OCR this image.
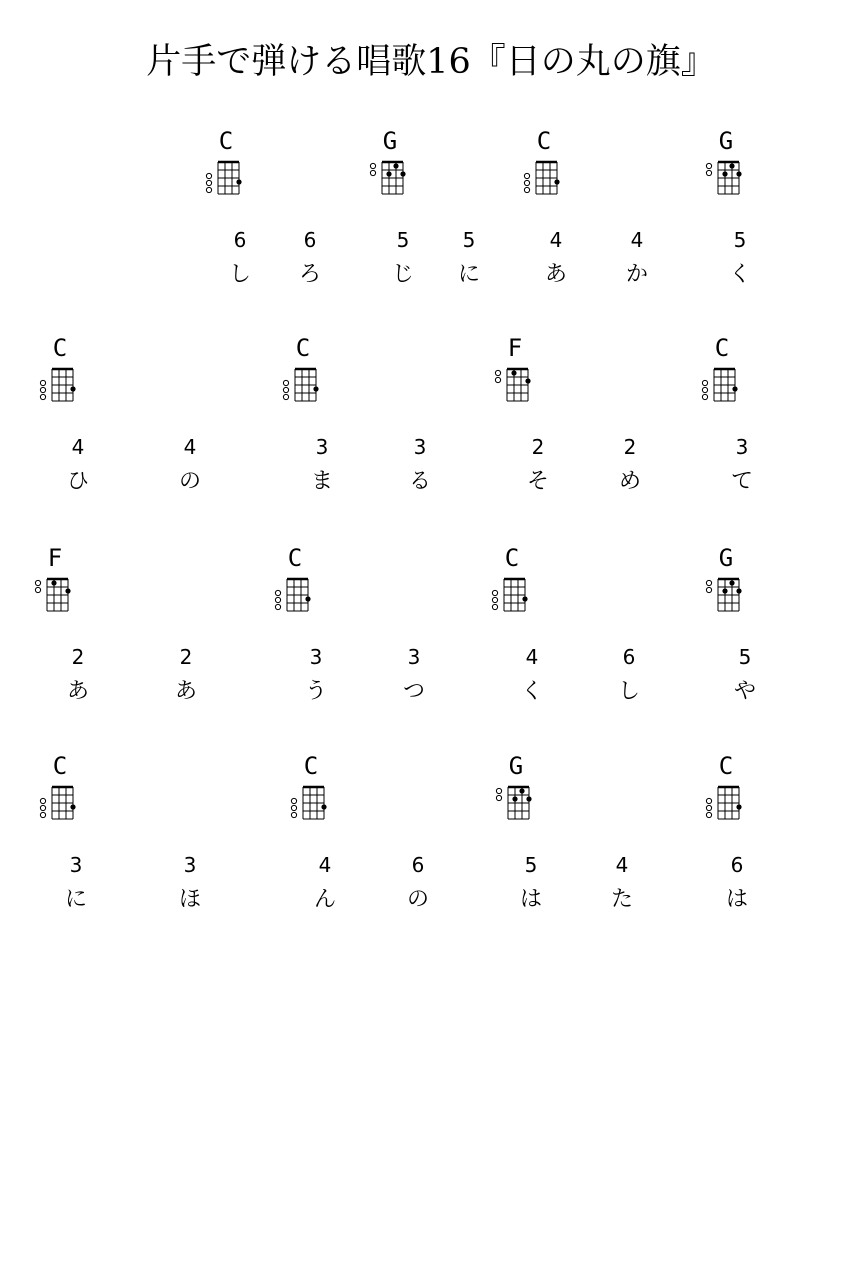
片手で弾ける唱歌16『日の丸の旗』
C	G	C	G
6	6	5	5	4	4	5
し	ろ	じ	に	あ	か	く
C	C	F	C
4	4	3	3	2	2	3
ひ	の	ま	る	そ	め	て
F	C	C	G
2	2	3	3	4	6	5
あ	あ	う	つ	く	し	や
C	C	G	C
3	3	4	6	5	4	6
に	ほ	ん	の	は	た	は
